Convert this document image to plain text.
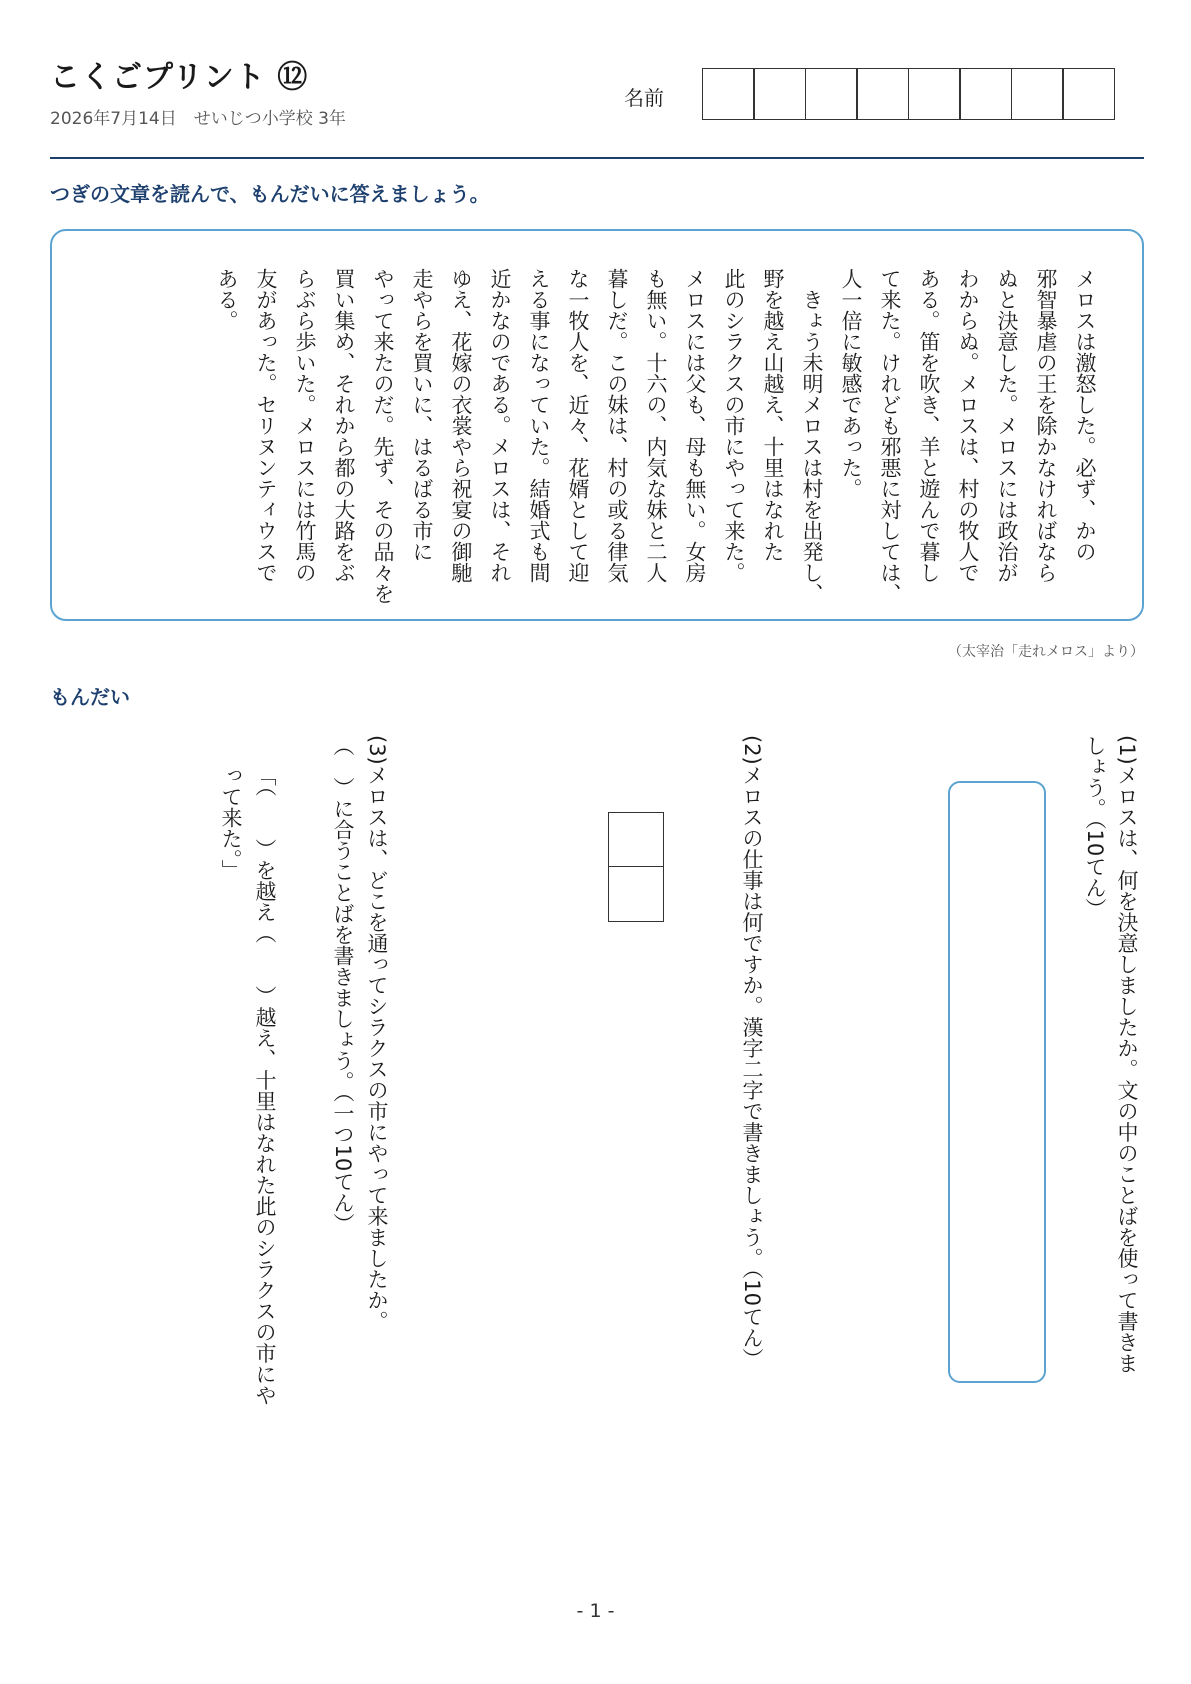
こくごプリント ⑫
2026年7月14日　せいじつ小学校 3年
名前
つぎの文章を読んで、もんだいに答えましょう。
メロスは激怒した。必ず、かの
邪智暴虐の王を除かなければなら
ぬと決意した。メロスには政治が
わからぬ。メロスは、村の牧人で
ある。笛を吹き、羊と遊んで暮し
て来た。けれども邪悪に対しては、
人一倍に敏感であった。
　きょう未明メロスは村を出発し、
野を越え山越え、十里はなれた
此のシラクスの市にやって来た。
メロスには父も、母も無い。女房
も無い。十六の、内気な妹と二人
暮しだ。この妹は、村の或る律気
な一牧人を、近々、花婿として迎
える事になっていた。結婚式も間
近かなのである。メロスは、それ
ゆえ、花嫁の衣裳やら祝宴の御馳
走やらを買いに、はるばる市に
やって来たのだ。先ず、その品々を
買い集め、それから都の大路をぶ
らぶら歩いた。メロスには竹馬の
友があった。セリヌンティウスで
ある。
（太宰治「走れメロス」より）
もんだい
(1)メロスは、何を決意しましたか。文の中のことばを使って書きま
しょう。（10てん）
(2)メロスの仕事は何ですか。漢字二字で書きましょう。（10てん）
(3)メロスは、どこを通ってシラクスの市にやって来ましたか。
（　）に合うことばを書きましょう。（一つ10てん）
「（　　）を越え（　　）越え、十里はなれた此のシラクスの市にや
って来た。」
- 1 -
